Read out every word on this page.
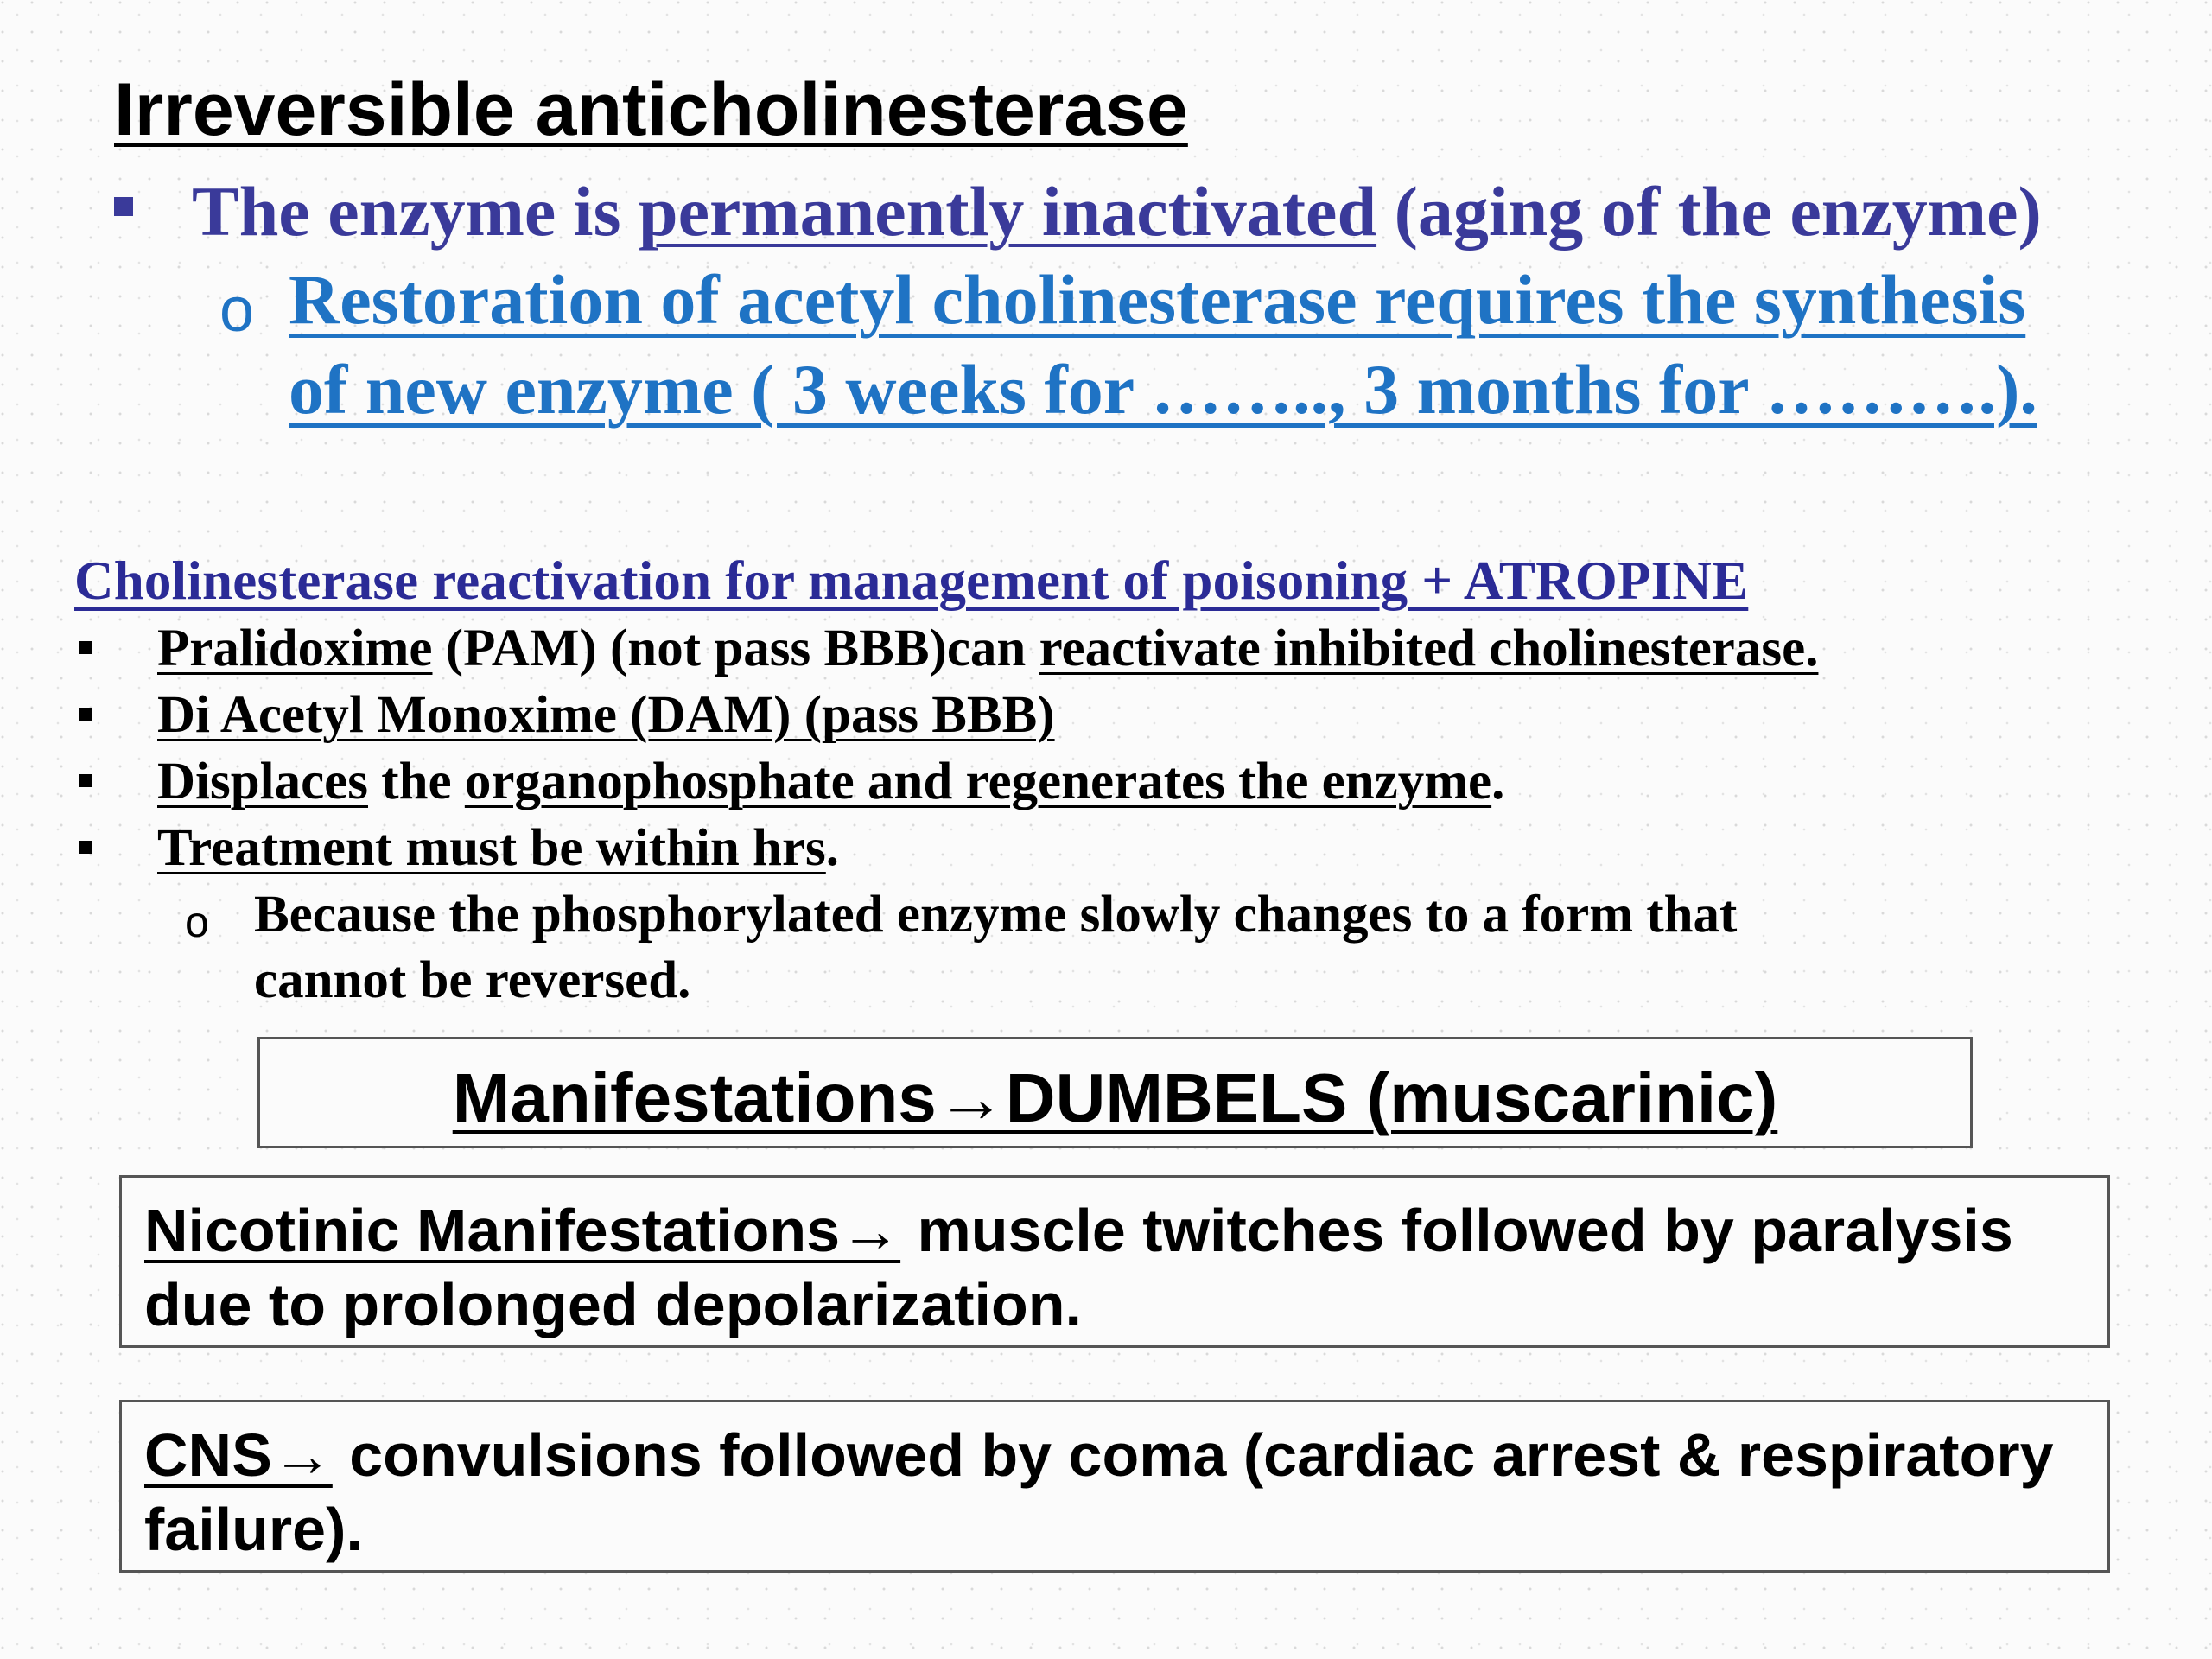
Irreversible anticholinesterase
The enzyme is permanently inactivated (aging of the enzyme)
o Restoration of acetyl cholinesterase requires the synthesis
of new enzyme ( 3 weeks for …….., 3 months for ……….).
Cholinesterase reactivation for management of poisoning + ATROPINE
Pralidoxime (PAM) (not pass BBB)can reactivate inhibited cholinesterase.
Di Acetyl Monoxime (DAM) (pass BBB)
Displaces the organophosphate and regenerates the enzyme.
Treatment must be within hrs.
o Because the phosphorylated enzyme slowly changes to a form that
cannot be reversed.
Manifestations→DUMBELS (muscarinic)
Nicotinic Manifestations→ muscle twitches followed by paralysis due to prolonged depolarization.
CNS→ convulsions followed by coma (cardiac arrest & respiratory failure).
